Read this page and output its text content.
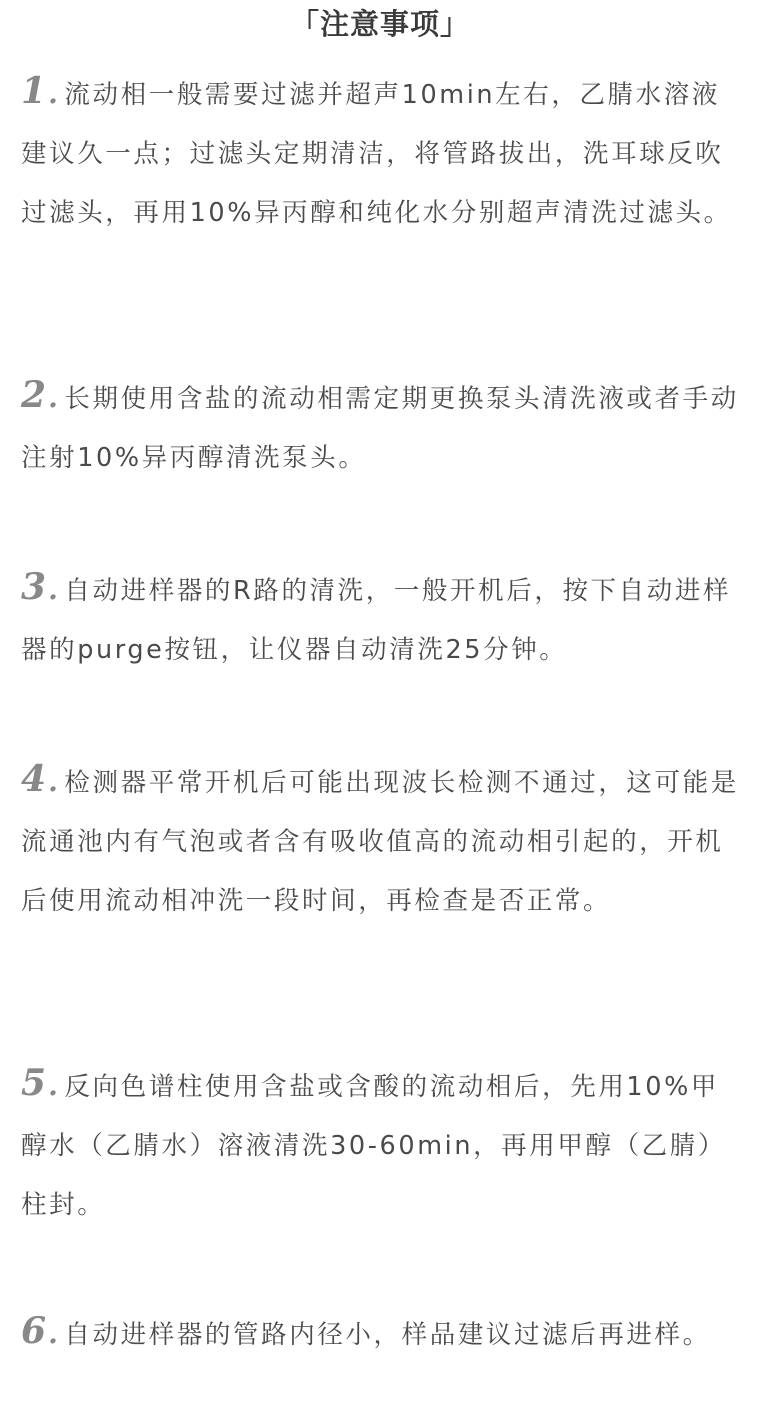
「注意事项」
1. 流动相一般需要过滤并超声10min左右，乙腈水溶液建议久一点；过滤头定期清洁，将管路拔出，洗耳球反吹过滤头，再用10%异丙醇和纯化水分别超声清洗过滤头。
2. 长期使用含盐的流动相需定期更换泵头清洗液或者手动注射10%异丙醇清洗泵头。
3. 自动进样器的R路的清洗，一般开机后，按下自动进样器的purge按钮，让仪器自动清洗25分钟。
4. 检测器平常开机后可能出现波长检测不通过，这可能是流通池内有气泡或者含有吸收值高的流动相引起的，开机后使用流动相冲洗一段时间，再检查是否正常。
5. 反向色谱柱使用含盐或含酸的流动相后，先用10%甲醇水（乙腈水）溶液清洗30-60min，再用甲醇（乙腈）柱封。
6. 自动进样器的管路内径小，样品建议过滤后再进样。
